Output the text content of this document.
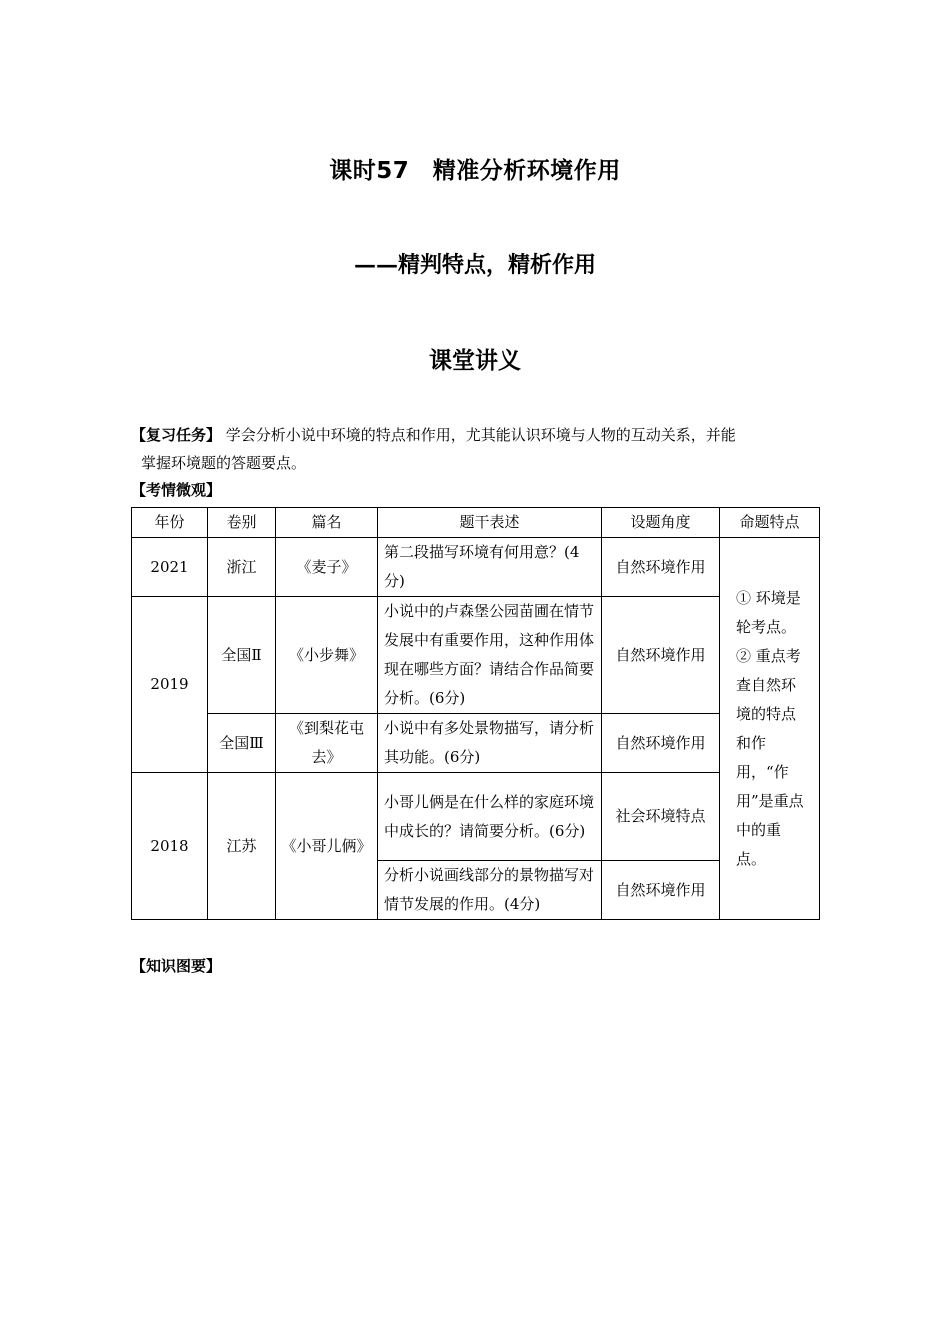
课时57　精准分析环境作用
——精判特点，精析作用
课堂讲义
【复习任务】 学会分析小说中环境的特点和作用，尤其能认识环境与人物的互动关系，并能
掌握环境题的答题要点。
【考情微观】
年份	卷别	篇名	题干表述	设题角度	命题特点
2021	浙江	《麦子》	第二段描写环境有何用意？(4分)	自然环境作用	① 环境是轮考点。② 重点考查自然环境的特点和作用，“作用”是重点中的重点。
2019	全国Ⅱ	《小步舞》	小说中的卢森堡公园苗圃在情节发展中有重要作用，这种作用体现在哪些方面？请结合作品简要分析。(6分)	自然环境作用	
	全国Ⅲ	《到梨花屯去》	小说中有多处景物描写，请分析其功能。(6分)	自然环境作用	
2018	江苏	《小哥儿俩》	小哥儿俩是在什么样的家庭环境中成长的？请简要分析。(6分)	社会环境特点	
			分析小说画线部分的景物描写对情节发展的作用。(4分)	自然环境作用	
【知识图要】
